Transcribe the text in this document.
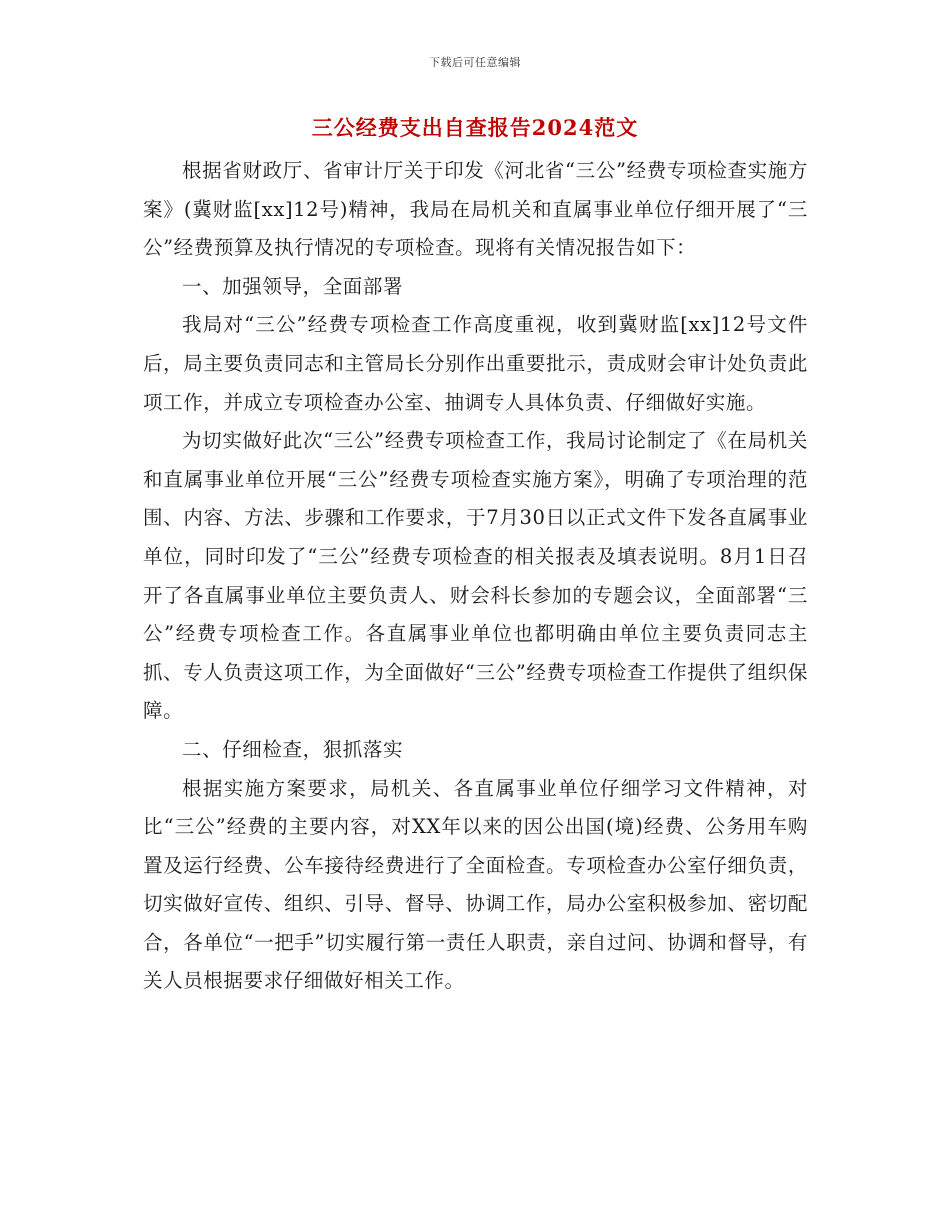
下载后可任意编辑
三公经费支出自查报告2024范文

根据省财政厅、省审计厅关于印发《河北省“三公”经费专项检查实施方案》(冀财监[xx]12号)精神，我局在局机关和直属事业单位仔细开展了“三公”经费预算及执行情况的专项检查。现将有关情况报告如下：

一、加强领导，全面部署

我局对“三公”经费专项检查工作高度重视，收到冀财监[xx]12号文件后，局主要负责同志和主管局长分别作出重要批示，责成财会审计处负责此项工作，并成立专项检查办公室、抽调专人具体负责、仔细做好实施。

为切实做好此次“三公”经费专项检查工作，我局讨论制定了《在局机关和直属事业单位开展“三公”经费专项检查实施方案》，明确了专项治理的范围、内容、方法、步骤和工作要求，于7月30日以正式文件下发各直属事业单位，同时印发了“三公”经费专项检查的相关报表及填表说明。8月1日召开了各直属事业单位主要负责人、财会科长参加的专题会议，全面部署“三公”经费专项检查工作。各直属事业单位也都明确由单位主要负责同志主抓、专人负责这项工作，为全面做好“三公”经费专项检查工作提供了组织保障。

二、仔细检查，狠抓落实

根据实施方案要求，局机关、各直属事业单位仔细学习文件精神，对比“三公”经费的主要内容，对XX年以来的因公出国(境)经费、公务用车购置及运行经费、公车接待经费进行了全面检查。专项检查办公室仔细负责，切实做好宣传、组织、引导、督导、协调工作，局办公室积极参加、密切配合，各单位“一把手”切实履行第一责任人职责，亲自过问、协调和督导，有关人员根据要求仔细做好相关工作。
